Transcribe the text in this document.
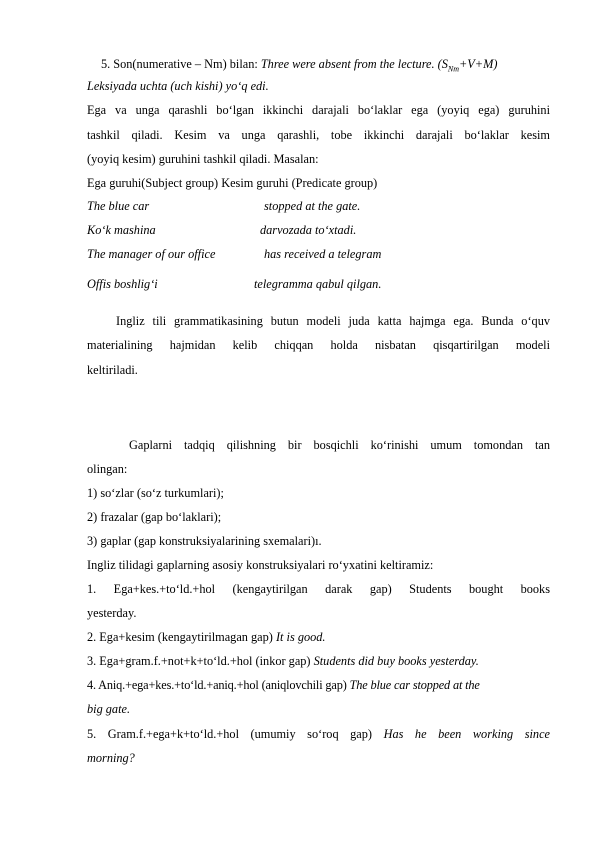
5. Son(numerative – Nm) bilan: Three were absent from the lecture. $(S_{Nm}+V+M)$
Leksiyada uchta (uch kishi) yo‘q edi.
Ega va unga qarashli bo‘lgan ikkinchi darajali bo‘laklar ega (yoyiq ega) guruhini
tashkil qiladi. Kesim va unga qarashli, tobe ikkinchi darajali bo‘laklar kesim
(yoyiq kesim) guruhini tashkil qiladi. Masalan:
Ega guruhi(Subject group) Kesim guruhi (Predicate group)
The blue car	stopped at the gate.
Ko‘k mashina	darvozada to‘xtadi.
The manager of our office	has received a telegram
Offis boshlig‘i	telegramma qabul qilgan.
Ingliz tili grammatikasining butun modeli juda katta hajmga ega. Bunda o‘quv
materialining hajmidan kelib chiqqan holda nisbatan qisqartirilgan modeli
keltiriladi.
Gaplarni tadqiq qilishning bir bosqichli ko‘rinishi umum tomondan tan
olingan:
1) so‘zlar (so‘z turkumlari);
2) frazalar (gap bo‘laklari);
3) gaplar (gap konstruksiyalarining sxemalari)ı.
Ingliz tilidagi gaplarning asosiy konstruksiyalari ro‘yxatini keltiramiz:
1. Ega+kes.+to‘ld.+hol (kengaytirilgan darak gap) Students bought books
yesterday.
2. Ega+kesim (kengaytirilmagan gap) It is good.
3. Ega+gram.f.+not+k+to‘ld.+hol (inkor gap) Students did buy books yesterday.
4. Aniq.+ega+kes.+to‘ld.+aniq.+hol (aniqlovchili gap) The blue car stopped at the
big gate.
5. Gram.f.+ega+k+to‘ld.+hol (umumiy so‘roq gap) Has he been working since
morning?
